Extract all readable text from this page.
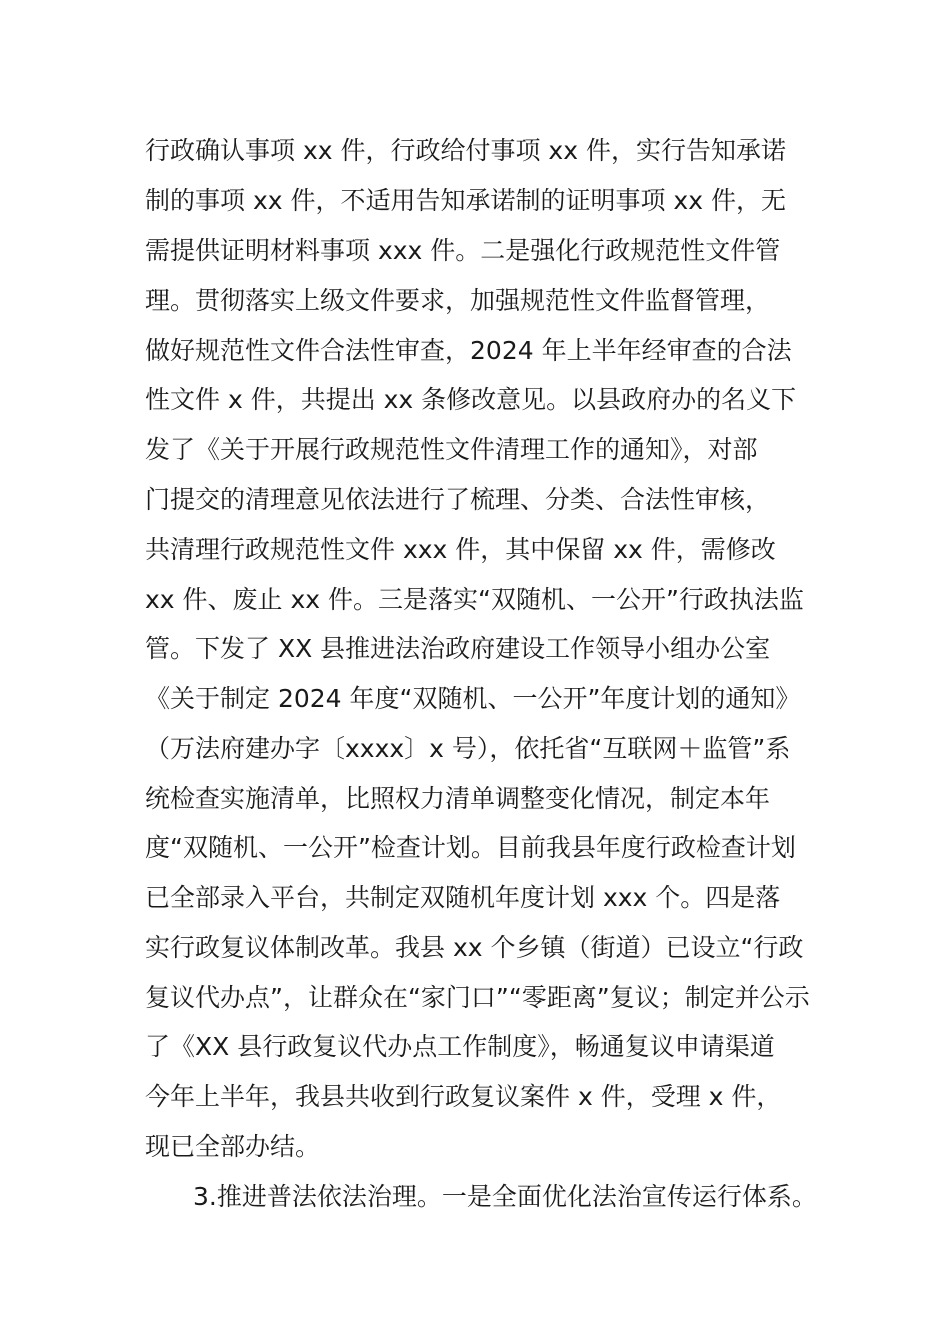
行政确认事项 xx 件，行政给付事项 xx 件，实行告知承诺
制的事项 xx 件，不适用告知承诺制的证明事项 xx 件，无
需提供证明材料事项 xxx 件。二是强化行政规范性文件管
理。贯彻落实上级文件要求，加强规范性文件监督管理，
做好规范性文件合法性审查，2024 年上半年经审查的合法
性文件 x 件，共提出 xx 条修改意见。以县政府办的名义下
发了《关于开展行政规范性文件清理工作的通知》，对部
门提交的清理意见依法进行了梳理、分类、合法性审核，
共清理行政规范性文件 xxx 件，其中保留 xx 件，需修改
xx 件、废止 xx 件。三是落实“双随机、一公开”行政执法监
管。下发了 XX 县推进法治政府建设工作领导小组办公室
《关于制定 2024 年度“双随机、一公开”年度计划的通知》
（万法府建办字〔xxxx〕x 号），依托省“互联网＋监管”系
统检查实施清单，比照权力清单调整变化情况，制定本年
度“双随机、一公开”检查计划。目前我县年度行政检查计划
已全部录入平台，共制定双随机年度计划 xxx 个。四是落
实行政复议体制改革。我县 xx 个乡镇（街道）已设立“行政
复议代办点”，让群众在“家门口”“零距离”复议；制定并公示
了《XX 县行政复议代办点工作制度》，畅通复议申请渠道
今年上半年，我县共收到行政复议案件 x 件，受理 x 件，
现已全部办结。
3.推进普法依法治理。一是全面优化法治宣传运行体系。
